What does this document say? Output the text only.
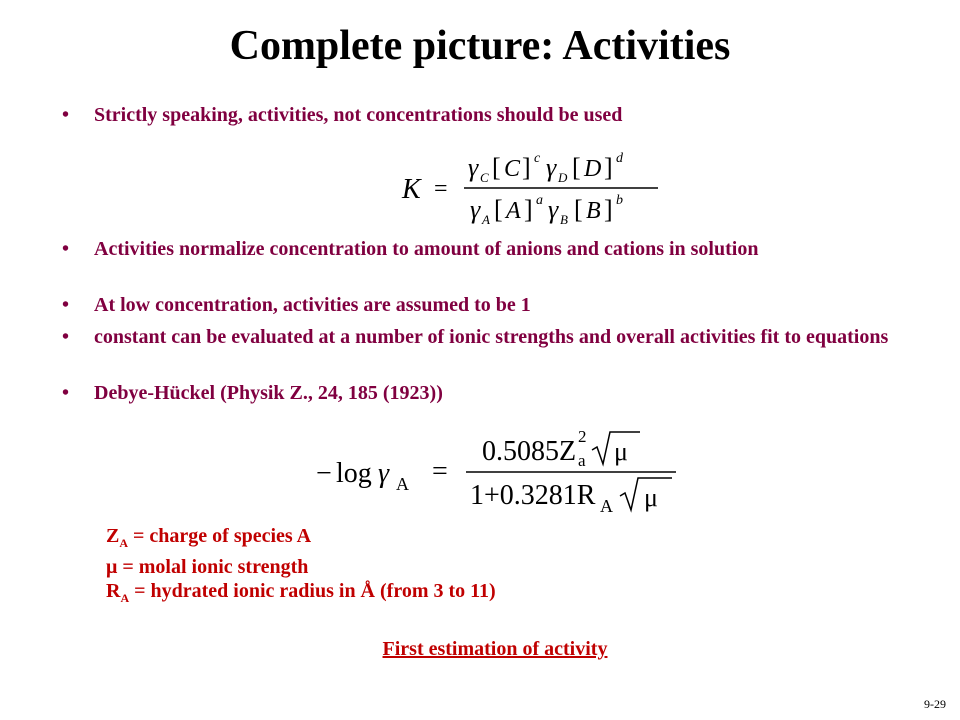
Complete picture: Activities
• Strictly speaking, activities, not concentrations should be used
• Activities normalize concentration to amount of anions and cations in solution
• At low concentration, activities are assumed to be 1
• constant can be evaluated at a number of ionic strengths and overall activities fit to equations
• Debye-Hückel (Physik Z., 24, 185 (1923))
K =
γ C [ C ] c γ D [ D ] d
γ A [ A ] a γ B [ B ] b
− log γ A =
0.5085Z 2
a μ
1+0.3281R A μ
$Z_A$ = charge of species A
μ = molal ionic strength
$R_A$ = hydrated ionic radius in Å (from 3 to 11)
First estimation of activity
9-29
